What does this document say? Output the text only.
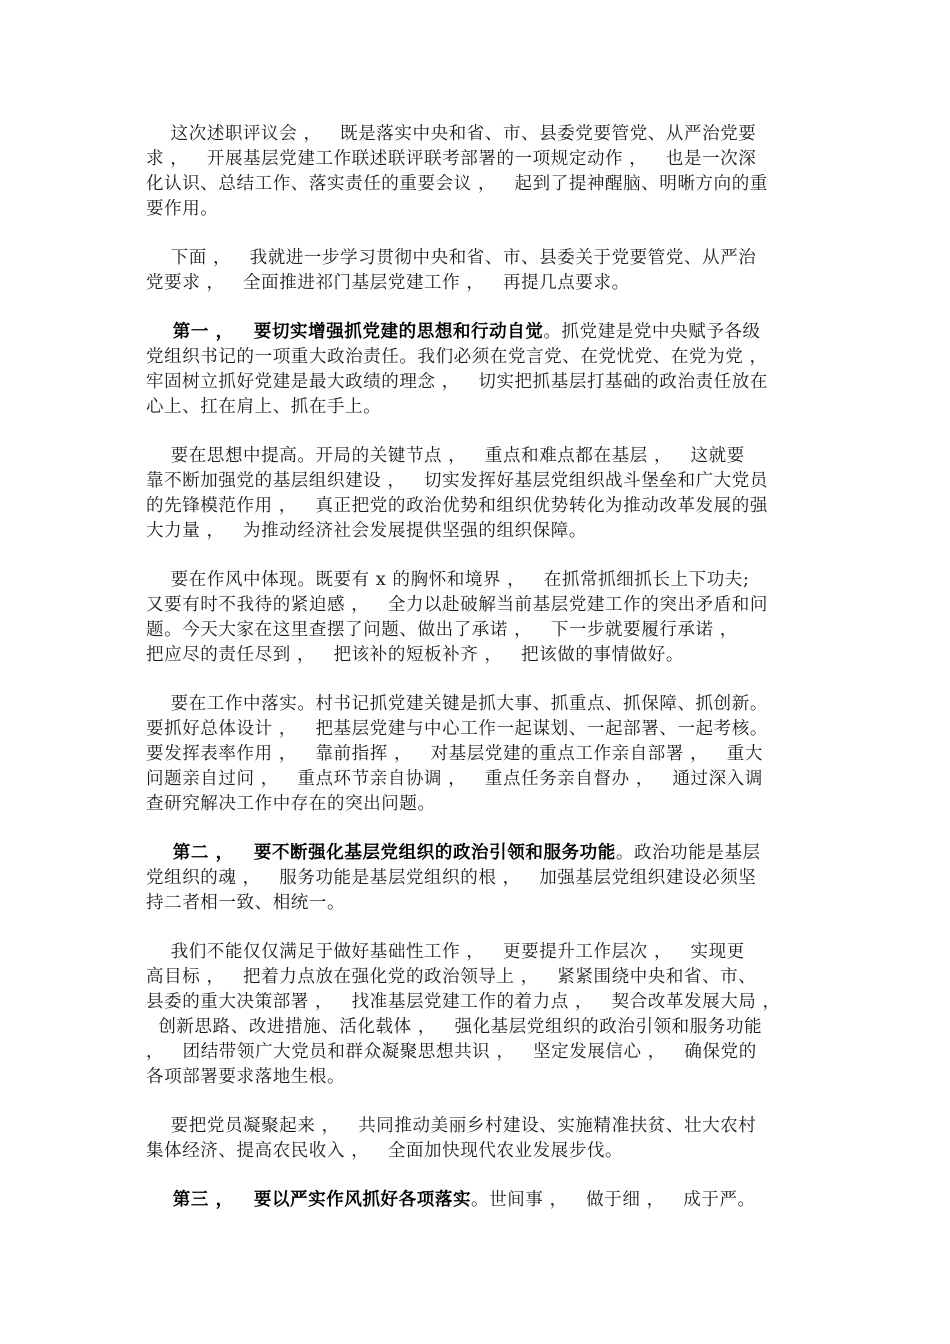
这次述职评议会 ，   既是落实中央和省、市、县委党要管党、从严治党要
求 ，   开展基层党建工作联述联评联考部署的一项规定动作 ，   也是一次深
化认识、总结工作、落实责任的重要会议 ，   起到了提神醒脑、明晰方向的重
要作用。
下面 ，   我就进一步学习贯彻中央和省、市、县委关于党要管党、从严治
党要求 ，   全面推进祁门基层党建工作 ，   再提几点要求。
第一 ，   要切实增强抓党建的思想和行动自觉。抓党建是党中央赋予各级
党组织书记的一项重大政治责任。我们必须在党言党、在党忧党、在党为党 ，
牢固树立抓好党建是最大政绩的理念 ，   切实把抓基层打基础的政治责任放在
心上、扛在肩上、抓在手上。
要在思想中提高。开局的关键节点 ，   重点和难点都在基层 ，   这就要
靠不断加强党的基层组织建设 ，   切实发挥好基层党组织战斗堡垒和广大党员
的先锋模范作用 ，   真正把党的政治优势和组织优势转化为推动改革发展的强
大力量 ，   为推动经济社会发展提供坚强的组织保障。
要在作风中体现。既要有 x 的胸怀和境界 ，   在抓常抓细抓长上下功夫;
又要有时不我待的紧迫感 ，   全力以赴破解当前基层党建工作的突出矛盾和问
题。今天大家在这里查摆了问题、做出了承诺 ，   下一步就要履行承诺 ，
把应尽的责任尽到 ，   把该补的短板补齐 ，   把该做的事情做好。
要在工作中落实。村书记抓党建关键是抓大事、抓重点、抓保障、抓创新。
要抓好总体设计 ，   把基层党建与中心工作一起谋划、一起部署、一起考核。
要发挥表率作用 ，   靠前指挥 ，   对基层党建的重点工作亲自部署 ，   重大
问题亲自过问 ，   重点环节亲自协调 ，   重点任务亲自督办 ，   通过深入调
查研究解决工作中存在的突出问题。
第二 ，   要不断强化基层党组织的政治引领和服务功能。政治功能是基层
党组织的魂 ，   服务功能是基层党组织的根 ，   加强基层党组织建设必须坚
持二者相一致、相统一。
我们不能仅仅满足于做好基础性工作 ，   更要提升工作层次 ，   实现更
高目标 ，   把着力点放在强化党的政治领导上 ，   紧紧围绕中央和省、市、
县委的重大决策部署 ，   找准基层党建工作的着力点 ，   契合改革发展大局 ，
创新思路、改进措施、活化载体 ，   强化基层党组织的政治引领和服务功能
，   团结带领广大党员和群众凝聚思想共识 ，   坚定发展信心 ，   确保党的
各项部署要求落地生根。
要把党员凝聚起来 ，   共同推动美丽乡村建设、实施精准扶贫、壮大农村
集体经济、提高农民收入 ，   全面加快现代农业发展步伐。
第三 ，   要以严实作风抓好各项落实。世间事 ，   做于细 ，   成于严。
